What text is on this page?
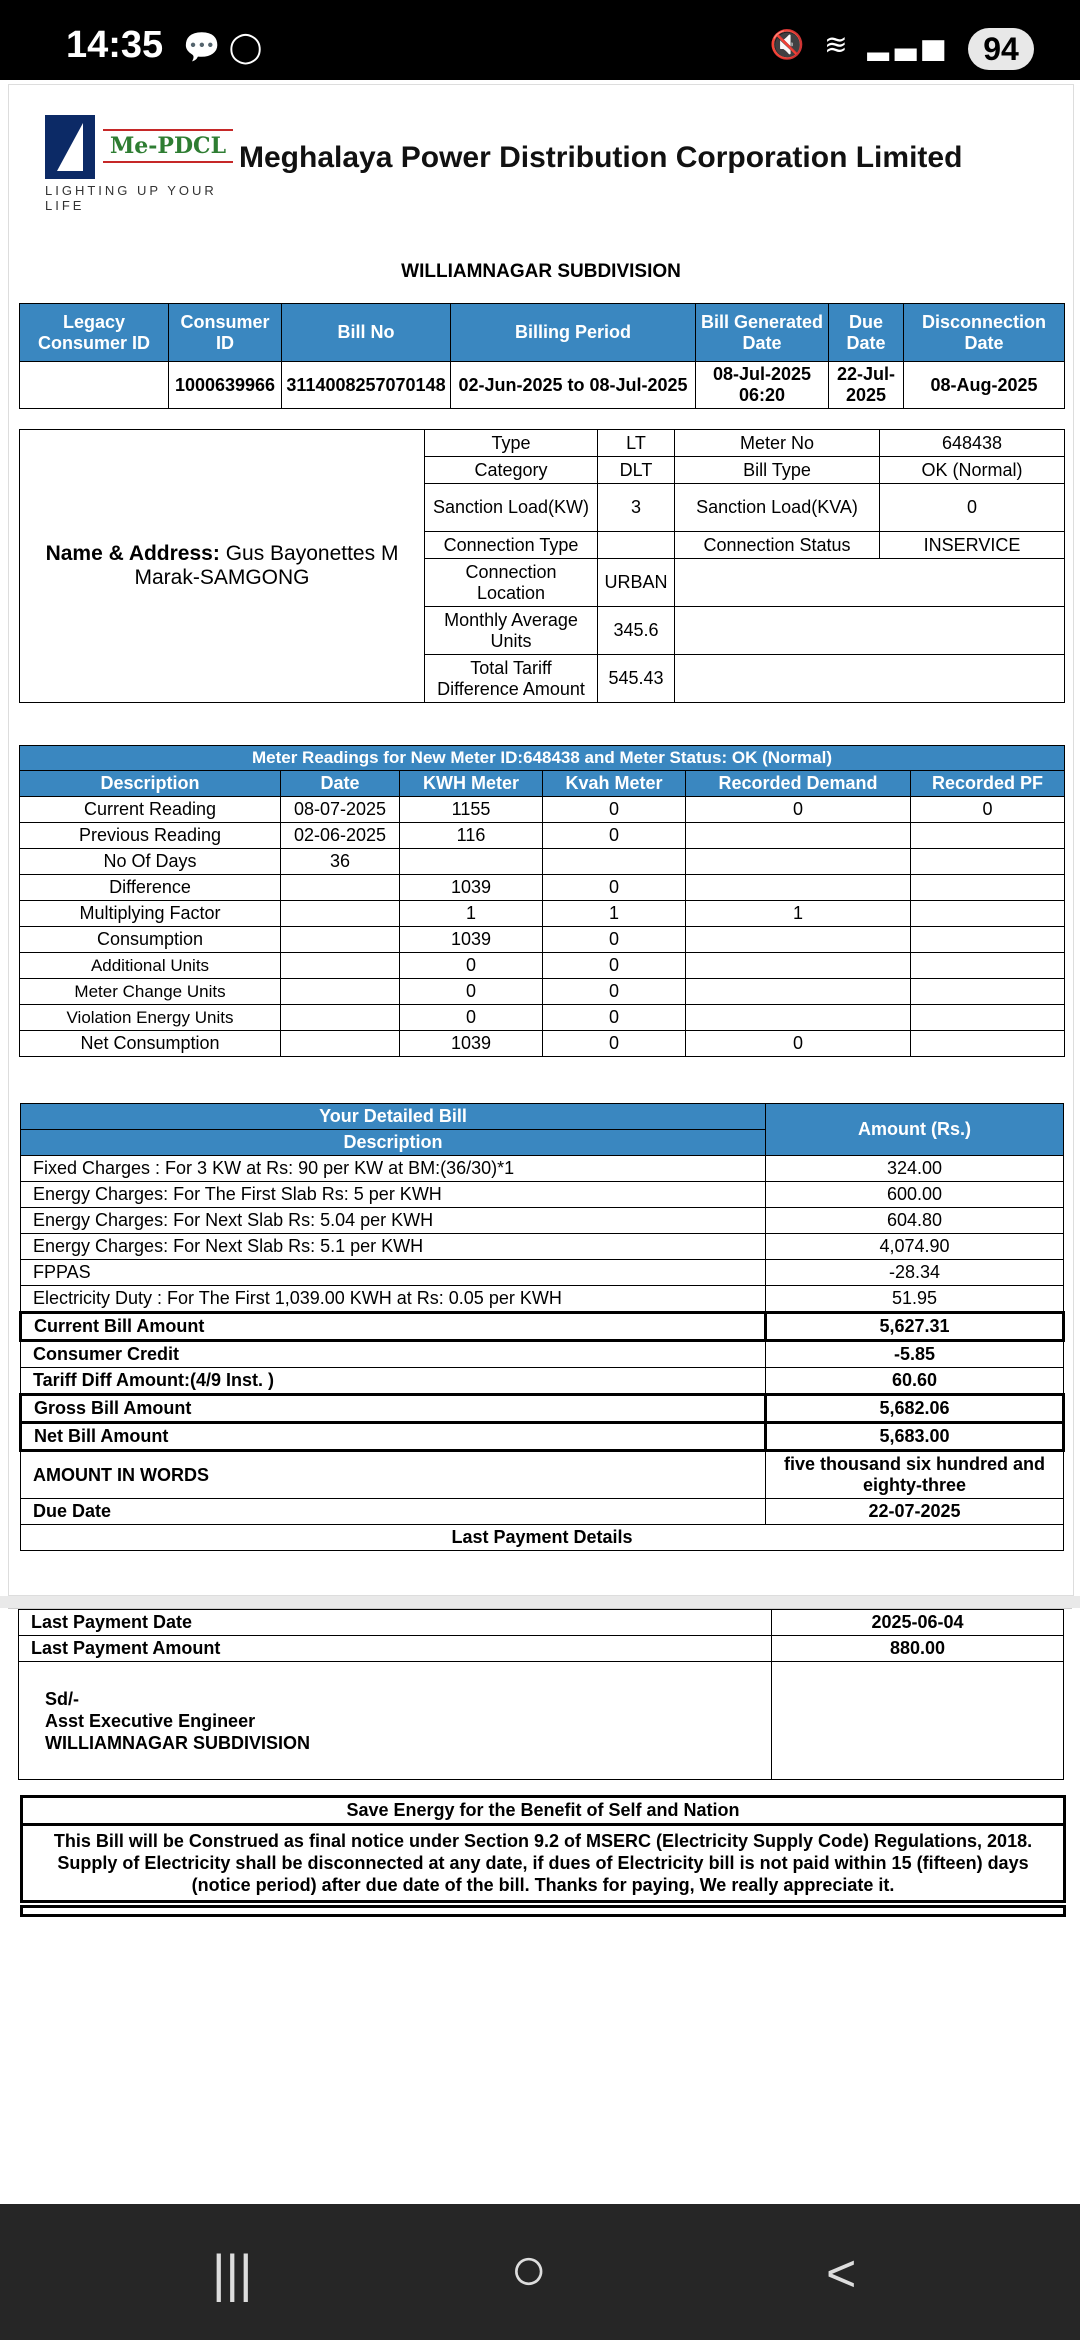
14:35 💬 ◯	🔇 ≋ ▂▃▅	94
Me-PDCL
LIGHTING UP YOUR LIFE
Meghalaya Power Distribution Corporation Limited
WILLIAMNAGAR SUBDIVISION
Legacy Consumer ID	Consumer ID	Bill No	Billing Period	Bill Generated Date	Due Date	Disconnection Date
	1000639966	3114008257070148	02-Jun-2025 to 08-Jul-2025	08-Jul-2025 06:20	22-Jul-2025	08-Aug-2025
Name & Address: Gus Bayonettes M Marak-SAMGONG	Type	LT	Meter No	648438
	Category	DLT	Bill Type	OK (Normal)
	Sanction Load(KW)	3	Sanction Load(KVA)	0
	Connection Type		Connection Status	INSERVICE
	Connection Location	URBAN		
	Monthly Average Units	345.6		
	Total Tariff Difference Amount	545.43		
Meter Readings for New Meter ID:648438 and Meter Status: OK (Normal)					
Description	Date	KWH Meter	Kvah Meter	Recorded Demand	Recorded PF
Current Reading	08-07-2025	1155	0	0	0
Previous Reading	02-06-2025	116	0		
No Of Days	36				
Difference		1039	0		
Multiplying Factor		1	1	1	
Consumption		1039	0		
Additional Units		0	0		
Meter Change Units		0	0		
Violation Energy Units		0	0		
Net Consumption		1039	0	0	
Your Detailed Bill	Amount (Rs.)
Description	
Fixed Charges : For 3 KW at Rs: 90 per KW at BM:(36/30)*1	324.00
Energy Charges: For The First Slab Rs: 5 per KWH	600.00
Energy Charges: For Next Slab Rs: 5.04 per KWH	604.80
Energy Charges: For Next Slab Rs: 5.1 per KWH	4,074.90
FPPAS	-28.34
Electricity Duty : For The First 1,039.00 KWH at Rs: 0.05 per KWH	51.95
Current Bill Amount	5,627.31
Consumer Credit	-5.85
Tariff Diff Amount:(4/9 Inst. )	60.60
Gross Bill Amount	5,682.06
Net Bill Amount	5,683.00
AMOUNT IN WORDS	five thousand six hundred and eighty-three
Due Date	22-07-2025
Last Payment Details	
Last Payment Date	2025-06-04
Last Payment Amount	880.00

Sd/-
Asst Executive Engineer
WILLIAMNAGAR SUBDIVISION	

Save Energy for the Benefit of Self and Nation
This Bill will be Construed as final notice under Section 9.2 of MSERC (Electricity Supply Code) Regulations, 2018. Supply of Electricity shall be disconnected at any date, if dues of Electricity bill is not paid within 15 (fifteen) days (notice period) after due date of the bill. Thanks for paying, We really appreciate it.
|||	○	<
